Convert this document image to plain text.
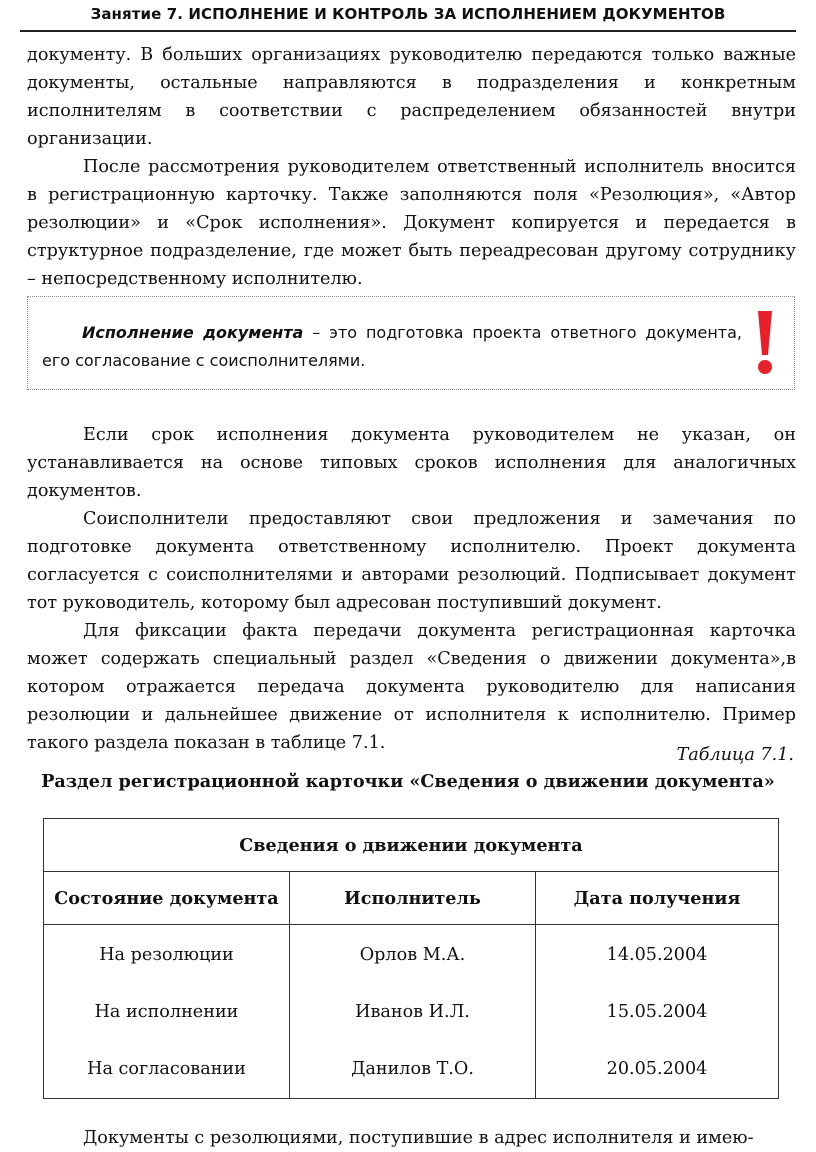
Занятие 7. ИСПОЛНЕНИЕ И КОНТРОЛЬ ЗА ИСПОЛНЕНИЕМ ДОКУМЕНТОВ

документу. В больших организациях руководителю передаются только важные документы, остальные направляются в подразделения и конкретным исполнителям в соответствии с распределением обязанностей внутри организации.

После рассмотрения руководителем ответственный исполнитель вносится в регистрационную карточку. Также заполняются поля «Резолюция», «Автор резолюции» и «Срок исполнения». Документ копируется и передается в структурное подразделение, где может быть переадресован другому сотруднику – непосредственному исполнителю.

Исполнение документа – это подготовка проекта ответного документа, его согласование с соисполнителями.

Если срок исполнения документа руководителем не указан, он устанавливается на основе типовых сроков исполнения для аналогичных документов.

Соисполнители предоставляют свои предложения и замечания по подготовке документа ответственному исполнителю. Проект документа согласуется с соисполнителями и авторами резолюций. Подписывает документ тот руководитель, которому был адресован поступивший документ.

Для фиксации факта передачи документа регистрационная карточка может содержать специальный раздел «Сведения о движении документа»,в котором отражается передача документа руководителю для написания резолюции и дальнейшее движение от исполнителя к исполнителю. Пример такого раздела показан в таблице 7.1.

Таблица 7.1.
Раздел регистрационной карточки «Сведения о движении документа»
Сведения о движении документа		
Состояние документа	Исполнитель	Дата получения
На резолюции	Орлов М.А.	14.05.2004
На исполнении	Иванов И.Л.	15.05.2004
На согласовании	Данилов Т.О.	20.05.2004

Документы с резолюциями, поступившие в адрес исполнителя и имею-
